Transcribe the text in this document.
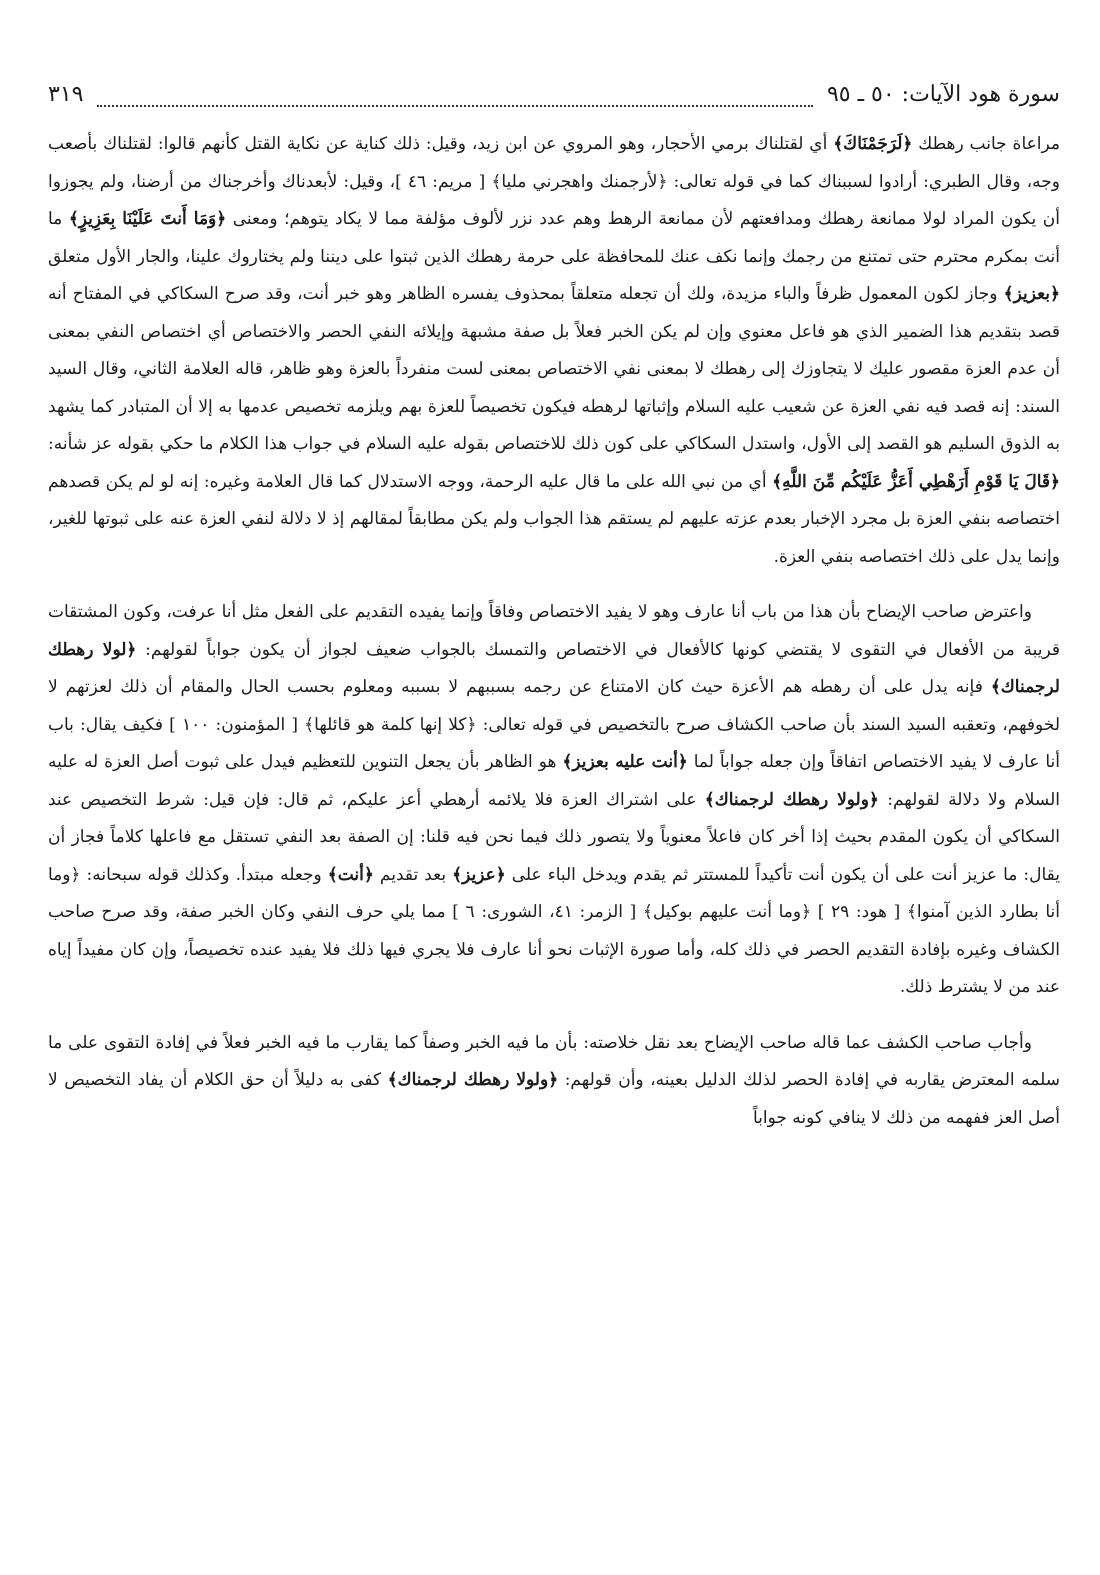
سورة هود الآيات: ٥٠ ـ ٩٥
٣١٩

مراعاة جانب رهطك ﴿لَرَجَمْنَاكَ﴾ أي لقتلناك برمي الأحجار، وهو المروي عن ابن زيد، وقيل: ذلك كناية عن نكاية القتل كأنهم قالوا: لقتلناك بأصعب وجه، وقال الطبري: أرادوا لسببناك كما في قوله تعالى: ﴿لأرجمنك واهجرني مليا﴾ [ مريم: ٤٦ ]، وقيل: لأبعدناك وأخرجناك من أرضنا، ولم يجوزوا أن يكون المراد لولا ممانعة رهطك ومدافعتهم لأن ممانعة الرهط وهم عدد نزر لألوف مؤلفة مما لا يكاد يتوهم؛ ومعنى ﴿وَمَا أَنتَ عَلَيْنَا بِعَزِيزٍ﴾ ما أنت بمكرم محترم حتى تمتنع من رجمك وإنما نكف عنك للمحافظة على حرمة رهطك الذين ثبتوا على ديننا ولم يختاروك علينا، والجار الأول متعلق ﴿بعزيز﴾ وجاز لكون المعمول ظرفاً والباء مزيدة، ولك أن تجعله متعلقاً بمحذوف يفسره الظاهر وهو خبر أنت، وقد صرح السكاكي في المفتاح أنه قصد بتقديم هذا الضمير الذي هو فاعل معنوي وإن لم يكن الخبر فعلاً بل صفة مشبهة وإيلائه النفي الحصر والاختصاص أي اختصاص النفي بمعنى أن عدم العزة مقصور عليك لا يتجاوزك إلى رهطك لا بمعنى نفي الاختصاص بمعنى لست منفرداً بالعزة وهو ظاهر، قاله العلامة الثاني، وقال السيد السند: إنه قصد فيه نفي العزة عن شعيب عليه السلام وإثباتها لرهطه فيكون تخصيصاً للعزة بهم ويلزمه تخصيص عدمها به إلا أن المتبادر كما يشهد به الذوق السليم هو القصد إلى الأول، واستدل السكاكي على كون ذلك للاختصاص بقوله عليه السلام في جواب هذا الكلام ما حكي بقوله عز شأنه: ﴿قَالَ يَا قَوْمِ أَرَهْطِي أَعَزُّ عَلَيْكُم مِّنَ اللَّهِ﴾ أي من نبي الله على ما قال عليه الرحمة، ووجه الاستدلال كما قال العلامة وغيره: إنه لو لم يكن قصدهم اختصاصه بنفي العزة بل مجرد الإخبار بعدم عزته عليهم لم يستقم هذا الجواب ولم يكن مطابقاً لمقالهم إذ لا دلالة لنفي العزة عنه على ثبوتها للغير، وإنما يدل على ذلك اختصاصه بنفي العزة.

واعترض صاحب الإيضاح بأن هذا من باب أنا عارف وهو لا يفيد الاختصاص وفاقاً وإنما يفيده التقديم على الفعل مثل أنا عرفت، وكون المشتقات قريبة من الأفعال في التقوى لا يقتضي كونها كالأفعال في الاختصاص والتمسك بالجواب ضعيف لجواز أن يكون جواباً لقولهم: ﴿لولا رهطك لرجمناك﴾ فإنه يدل على أن رهطه هم الأعزة حيث كان الامتناع عن رجمه بسببهم لا بسببه ومعلوم بحسب الحال والمقام أن ذلك لعزتهم لا لخوفهم، وتعقبه السيد السند بأن صاحب الكشاف صرح بالتخصيص في قوله تعالى: ﴿كلا إنها كلمة هو قائلها﴾ [ المؤمنون: ١٠٠ ] فكيف يقال: باب أنا عارف لا يفيد الاختصاص اتفاقاً وإن جعله جواباً لما ﴿أنت عليه بعزيز﴾ هو الظاهر بأن يجعل التنوين للتعظيم فيدل على ثبوت أصل العزة له عليه السلام ولا دلالة لقولهم: ﴿ولولا رهطك لرجمناك﴾ على اشتراك العزة فلا يلائمه أرهطي أعز عليكم، ثم قال: فإن قيل: شرط التخصيص عند السكاكي أن يكون المقدم بحيث إذا أخر كان فاعلاً معنوياً ولا يتصور ذلك فيما نحن فيه قلنا: إن الصفة بعد النفي تستقل مع فاعلها كلاماً فجاز أن يقال: ما عزيز أنت على أن يكون أنت تأكيداً للمستتر ثم يقدم ويدخل الباء على ﴿عزيز﴾ بعد تقديم ﴿أنت﴾ وجعله مبتدأ. وكذلك قوله سبحانه: ﴿وما أنا بطارد الذين آمنوا﴾ [ هود: ٢٩ ] ﴿وما أنت عليهم بوكيل﴾ [ الزمر: ٤١، الشورى: ٦ ] مما يلي حرف النفي وكان الخبر صفة، وقد صرح صاحب الكشاف وغيره بإفادة التقديم الحصر في ذلك كله، وأما صورة الإثبات نحو أنا عارف فلا يجري فيها ذلك فلا يفيد عنده تخصيصاً، وإن كان مفيداً إياه عند من لا يشترط ذلك.

وأجاب صاحب الكشف عما قاله صاحب الإيضاح بعد نقل خلاصته: بأن ما فيه الخبر وصفاً كما يقارب ما فيه الخبر فعلاً في إفادة التقوى على ما سلمه المعترض يقاربه في إفادة الحصر لذلك الدليل بعينه، وأن قولهم: ﴿ولولا رهطك لرجمناك﴾ كفى به دليلاً أن حق الكلام أن يفاد التخصيص لا أصل العز ففهمه من ذلك لا ينافي كونه جواباً
